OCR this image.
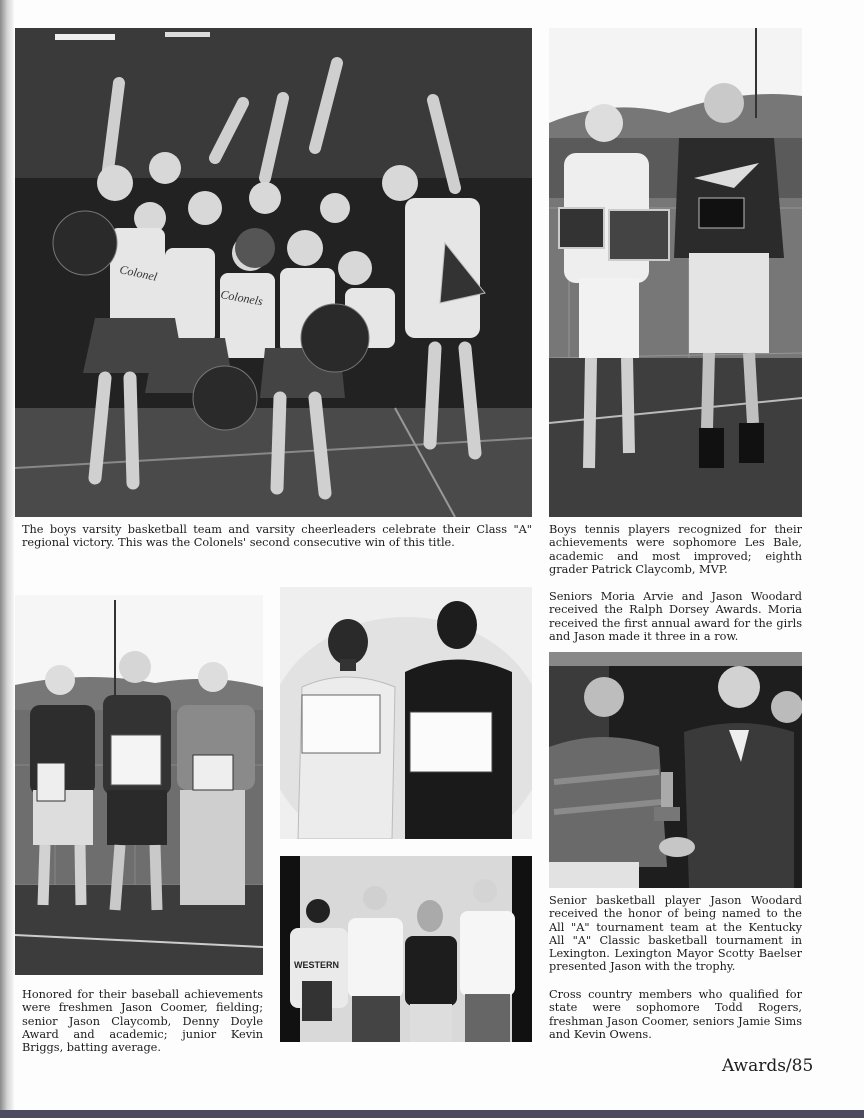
Colonel
Colonels

The boys varsity basketball team and varsity cheerleaders celebrate their Class "A" regional victory. This was the Colonels' second consecutive win of this title.

Boys tennis players recognized for their achievements were sophomore Les Bale, academic and most improved; eighth grader Patrick Claycomb, MVP.

Seniors Moria Arvie and Jason Woodard received the Ralph Dorsey Awards. Moria received the first annual award for the girls and Jason made it three in a row.

WESTERN

Senior basketball player Jason Woodard received the honor of being named to the All "A" tournament team at the Kentucky All "A" Classic basketball tournament in Lexington. Lexington Mayor Scotty Baelser presented Jason with the trophy.

Cross country members who qualified for state were sophomore Todd Rogers, freshman Jason Coomer, seniors Jamie Sims and Kevin Owens.

Honored for their baseball achievements were freshmen Jason Coomer, fielding; senior Jason Claycomb, Denny Doyle Award and academic; junior Kevin Briggs, batting average.

Awards/85
